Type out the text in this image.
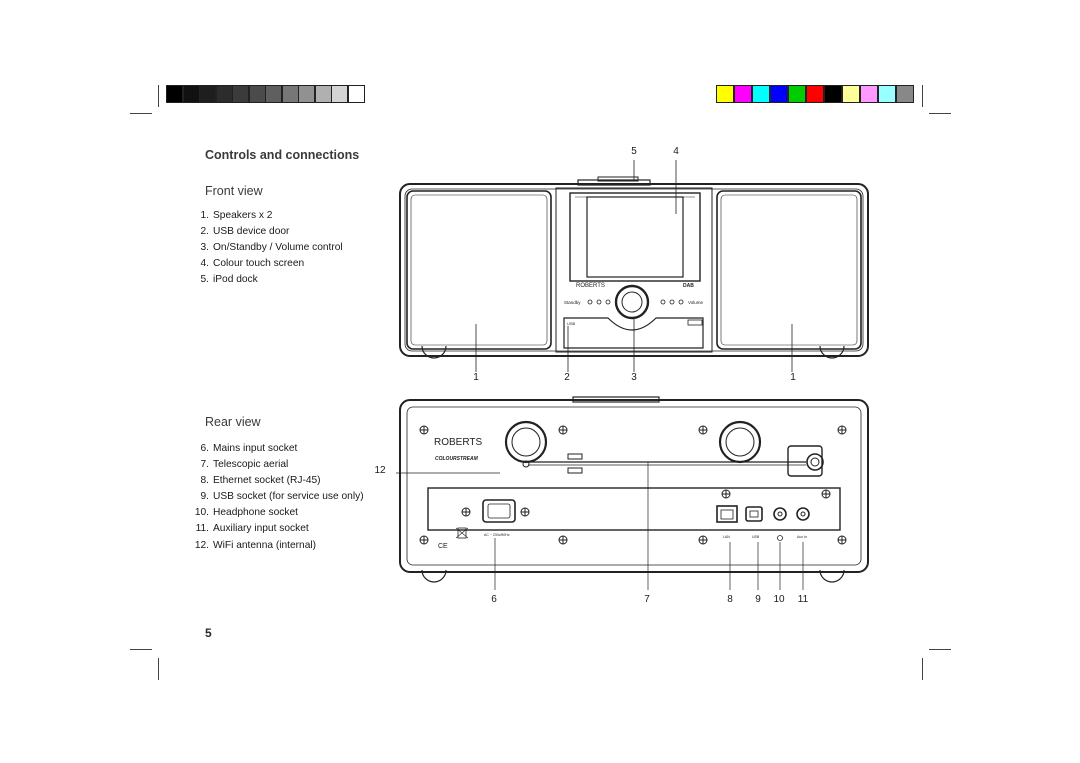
Controls and connections
Front view
1. Speakers x 2
2. USB device door
3. On/Standby / Volume control
4. Colour touch screen
5. iPod dock
Rear view
6. Mains input socket
7. Telescopic aerial
8. Ethernet socket (RJ-45)
9. USB socket (for service use only)
10. Headphone socket
11. Auxiliary input socket
12. WiFi antenna (internal)
5	4
1	2	3	1
12
6	7	8	9	10	11
5
ROBERTS
Standby	Volume
USB
DAB
ROBERTS
COLOURSTREAM
CE
AC ~ 230v/50Hz	LAN	USB	Aux In
